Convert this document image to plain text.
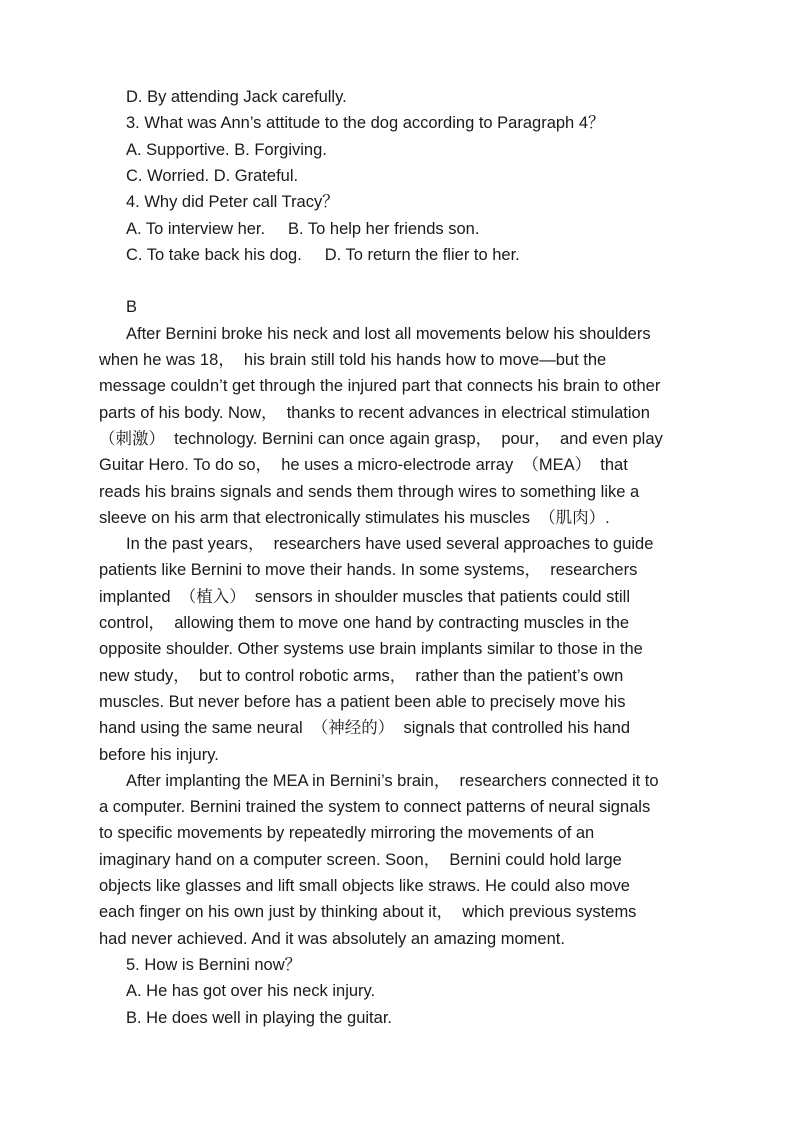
D. By attending Jack carefully.
3. What was Ann’s attitude to the dog according to Paragraph 4？
A. Supportive. B. Forgiving.
C. Worried. D. Grateful.
4. Why did Peter call Tracy？
A. To interview her.     B. To help her friends son.
C. To take back his dog.     D. To return the flier to her.
B
After Bernini broke his neck and lost all movements below his shoulders
when he was 18，  his brain still told his hands how to move—but the
message couldn’t get through the injured part that connects his brain to other
parts of his body. Now，  thanks to recent advances in electrical stimulation
（刺激）  technology. Bernini can once again grasp，  pour，  and even play
Guitar Hero. To do so，  he uses a micro-electrode array  （MEA）  that
reads his brains signals and sends them through wires to something like a
sleeve on his arm that electronically stimulates his muscles  （肌肉）.
In the past years，  researchers have used several approaches to guide
patients like Bernini to move their hands. In some systems，  researchers
implanted  （植入）  sensors in shoulder muscles that patients could still
control，  allowing them to move one hand by contracting muscles in the
opposite shoulder. Other systems use brain implants similar to those in the
new study，  but to control robotic arms，  rather than the patient’s own
muscles. But never before has a patient been able to precisely move his
hand using the same neural  （神经的）  signals that controlled his hand
before his injury.
After implanting the MEA in Bernini’s brain，  researchers connected it to
a computer. Bernini trained the system to connect patterns of neural signals
to specific movements by repeatedly mirroring the movements of an
imaginary hand on a computer screen. Soon，  Bernini could hold large
objects like glasses and lift small objects like straws. He could also move
each finger on his own just by thinking about it，  which previous systems
had never achieved. And it was absolutely an amazing moment.
5. How is Bernini now？
A. He has got over his neck injury.
B. He does well in playing the guitar.
